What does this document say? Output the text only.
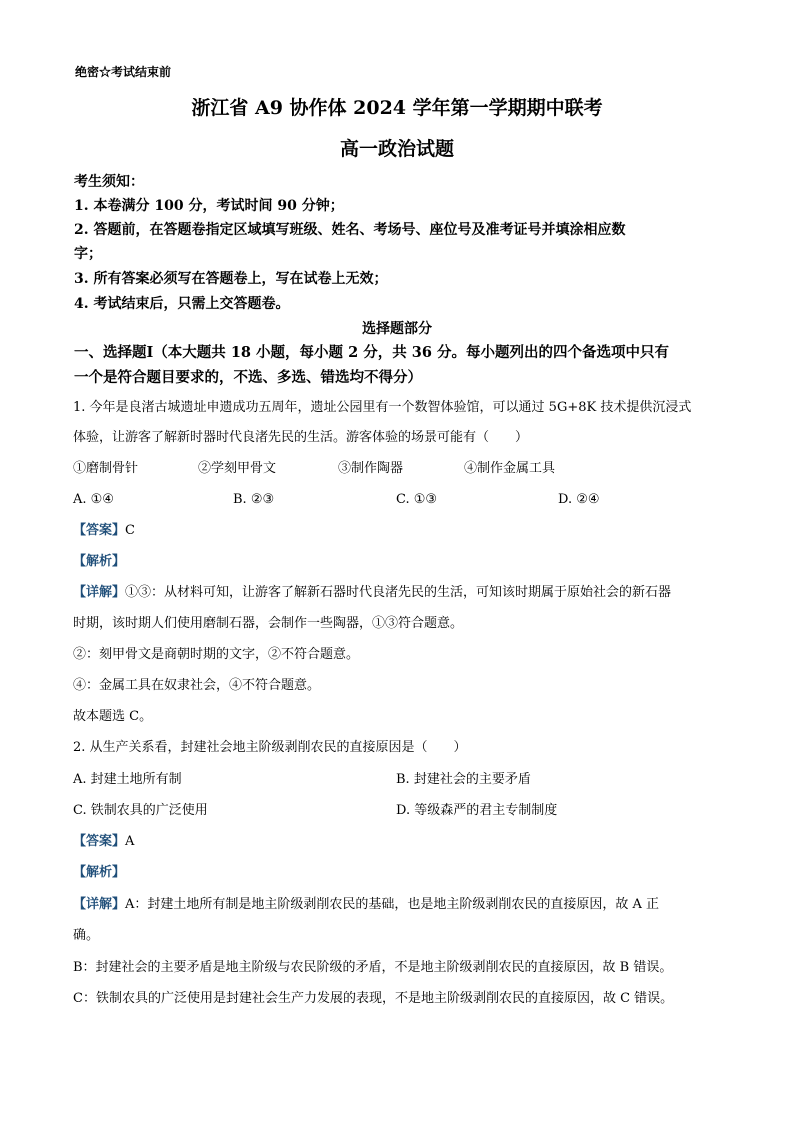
绝密☆考试结束前
浙江省 A9 协作体 2024 学年第一学期期中联考
高一政治试题
考生须知：
1. 本卷满分 100 分，考试时间 90 分钟；
2. 答题前，在答题卷指定区域填写班级、姓名、考场号、座位号及准考证号并填涂相应数
字；
3. 所有答案必须写在答题卷上，写在试卷上无效；
4. 考试结束后，只需上交答题卷。
选择题部分
一、选择题Ⅰ（本大题共 18 小题，每小题 2 分，共 36 分。每小题列出的四个备选项中只有
一个是符合题目要求的，不选、多选、错选均不得分）
1. 今年是良渚古城遗址申遗成功五周年，遗址公园里有一个数智体验馆，可以通过 5G+8K 技术提供沉浸式
体验，让游客了解新时器时代良渚先民的生活。游客体验的场景可能有（　　）
①磨制骨针	②学刻甲骨文	③制作陶器	④制作金属工具
A. ①④	B. ②③	C. ①③	D. ②④
【答案】C
【解析】
【详解】①③：从材料可知，让游客了解新石器时代良渚先民的生活，可知该时期属于原始社会的新石器
时期，该时期人们使用磨制石器，会制作一些陶器，①③符合题意。
②：刻甲骨文是商朝时期的文字，②不符合题意。
④：金属工具在奴隶社会，④不符合题意。
故本题选 C。
2. 从生产关系看，封建社会地主阶级剥削农民的直接原因是（　　）
A. 封建土地所有制	B. 封建社会的主要矛盾
C. 铁制农具的广泛使用	D. 等级森严的君主专制制度
【答案】A
【解析】
【详解】A：封建土地所有制是地主阶级剥削农民的基础，也是地主阶级剥削农民的直接原因，故 A 正
确。
B：封建社会的主要矛盾是地主阶级与农民阶级的矛盾，不是地主阶级剥削农民的直接原因，故 B 错误。
C：铁制农具的广泛使用是封建社会生产力发展的表现，不是地主阶级剥削农民的直接原因，故 C 错误。
